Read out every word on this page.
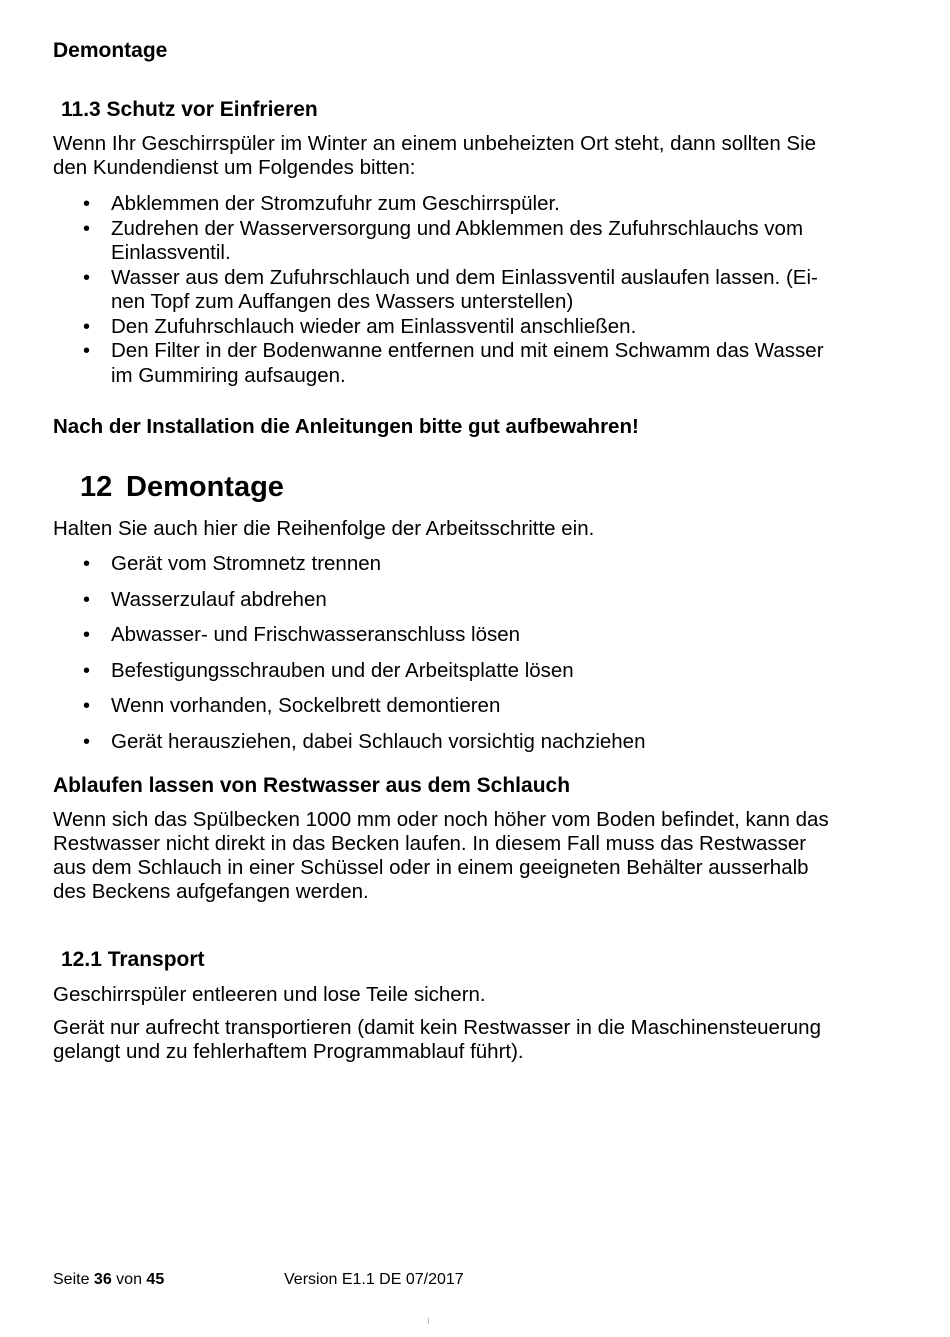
Demontage
11.3 Schutz vor Einfrieren
Wenn Ihr Geschirrspüler im Winter an einem unbeheizten Ort steht, dann sollten Sie
den Kundendienst um Folgendes bitten:
• Abklemmen der Stromzufuhr zum Geschirrspüler.
• Zudrehen der Wasserversorgung und Abklemmen des Zufuhrschlauchs vom
Einlassventil.
• Wasser aus dem Zufuhrschlauch und dem Einlassventil auslaufen lassen. (Ei-
nen Topf zum Auffangen des Wassers unterstellen)
• Den Zufuhrschlauch wieder am Einlassventil anschließen.
• Den Filter in der Bodenwanne entfernen und mit einem Schwamm das Wasser
im Gummiring aufsaugen.
Nach der Installation die Anleitungen bitte gut aufbewahren!
12 Demontage
Halten Sie auch hier die Reihenfolge der Arbeitsschritte ein.
• Gerät vom Stromnetz trennen
• Wasserzulauf abdrehen
• Abwasser- und Frischwasseranschluss lösen
• Befestigungsschrauben und der Arbeitsplatte lösen
• Wenn vorhanden, Sockelbrett demontieren
• Gerät herausziehen, dabei Schlauch vorsichtig nachziehen
Ablaufen lassen von Restwasser aus dem Schlauch
Wenn sich das Spülbecken 1000 mm oder noch höher vom Boden befindet, kann das
Restwasser nicht direkt in das Becken laufen. In diesem Fall muss das Restwasser
aus dem Schlauch in einer Schüssel oder in einem geeigneten Behälter ausserhalb
des Beckens aufgefangen werden.
12.1 Transport
Geschirrspüler entleeren und lose Teile sichern.
Gerät nur aufrecht transportieren (damit kein Restwasser in die Maschinensteuerung
gelangt und zu fehlerhaftem Programmablauf führt).
Seite 36 von 45	Version E1.1 DE 07/2017
